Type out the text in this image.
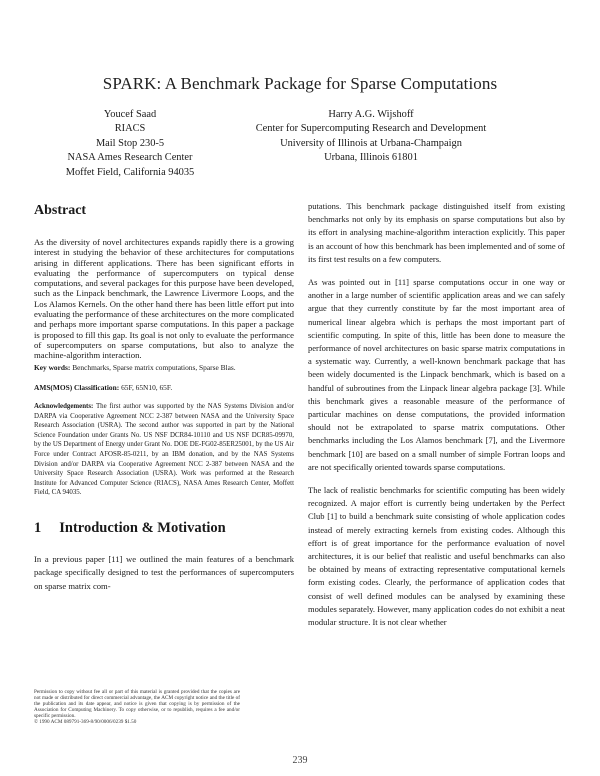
SPARK: A Benchmark Package for Sparse Computations
Youcef Saad
RIACS
Mail Stop 230-5
NASA Ames Research Center
Moffet Field, California 94035
Harry A.G. Wijshoff
Center for Supercomputing Research and Development
University of Illinois at Urbana-Champaign
Urbana, Illinois 61801
Abstract

As the diversity of novel architectures expands rapidly there is a growing interest in studying the behavior of these architectures for computations arising in different applications. There has been significant efforts in evaluating the performance of supercomputers on typical dense computations, and several packages for this purpose have been developed, such as the Linpack benchmark, the Lawrence Livermore Loops, and the Los Alamos Kernels. On the other hand there has been little effort put into evaluating the performance of these architectures on the more complicated and perhaps more important sparse computations. In this paper a package is proposed to fill this gap. Its goal is not only to evaluate the performance of supercomputers on sparse computations, but also to analyze the machine-algorithm interaction.

Key words: Benchmarks, Sparse matrix computations, Sparse Blas.

AMS(MOS) Classification: 65F, 65N10, 65F.

Acknowledgements: The first author was supported by the NAS Systems Division and/or DARPA via Cooperative Agreement NCC 2-387 between NASA and the University Space Research Association (USRA). The second author was supported in part by the National Science Foundation under Grants No. US NSF DCR84-10110 and US NSF DCR85-09970, by the US Department of Energy under Grant No. DOE DE-FG02-85ER25001, by the US Air Force under Contract AFOSR-85-0211, by an IBM donation, and by the NAS Systems Division and/or DARPA via Cooperative Agreement NCC 2-387 between NASA and the University Space Research Association (USRA). Work was performed at the Research Institute for Advanced Computer Science (RIACS), NASA Ames Research Center, Moffett Field, CA 94035.

1 Introduction & Motivation

In a previous paper [11] we outlined the main features of a benchmark package specifically designed to test the performances of supercomputers on sparse matrix com-

Permission to copy without fee all or part of this material is granted provided that the copies are not made or distributed for direct commercial advantage, the ACM copyright notice and the title of the publication and its date appear, and notice is given that copying is by permission of the Association for Computing Machinery. To copy otherwise, or to republish, requires a fee and/or specific permission.
© 1990 ACM 089791-369-8/90/0006/0239 $1.50

putations. This benchmark package distinguished itself from existing benchmarks not only by its emphasis on sparse computations but also by its effort in analysing machine-algorithm interaction explicitly. This paper is an account of how this benchmark has been implemented and of some of its first test results on a few computers.

As was pointed out in [11] sparse computations occur in one way or another in a large number of scientific application areas and we can safely argue that they currently constitute by far the most important area of numerical linear algebra which is perhaps the most important part of scientific computing. In spite of this, little has been done to measure the performance of novel architectures on basic sparse matrix computations in a systematic way. Currently, a well-known benchmark package that has been widely documented is the Linpack benchmark, which is based on a handful of subroutines from the Linpack linear algebra package [3]. While this benchmark gives a reasonable measure of the performance of particular machines on dense computations, the provided information should not be extrapolated to sparse matrix computations. Other benchmarks including the Los Alamos benchmark [7], and the Livermore benchmark [10] are based on a small number of simple Fortran loops and are not specifically oriented towards sparse computations.

The lack of realistic benchmarks for scientific computing has been widely recognized. A major effort is currently being undertaken by the Perfect Club [1] to build a benchmark suite consisting of whole application codes instead of merely extracting kernels from existing codes. Although this effort is of great importance for the performance evaluation of novel architectures, it is our belief that realistic and useful benchmarks can also be obtained by means of extracting representative computational kernels form existing codes. Clearly, the performance of application codes that consist of well defined modules can be analysed by examining these modules separately. However, many application codes do not exhibit a neat modular structure. It is not clear whether

239
